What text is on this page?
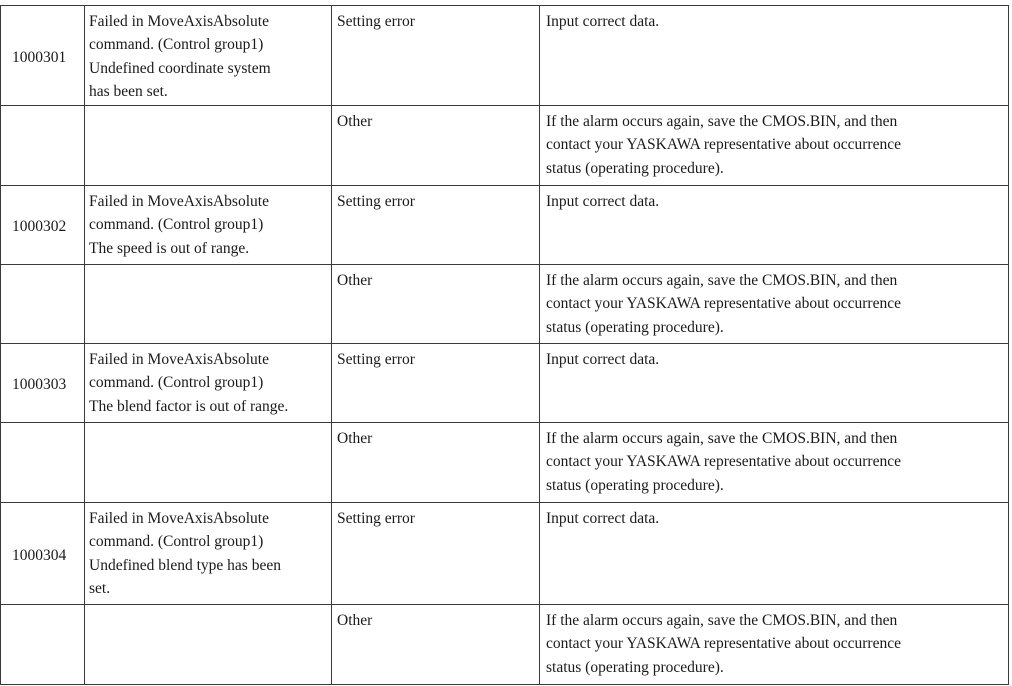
1000301	Failed in MoveAxisAbsolute
command. (Control group1)
Undefined coordinate system
has been set.	Setting error	Input correct data.

		Other	If the alarm occurs again, save the CMOS.BIN, and then
contact your YASKAWA representative about occurrence
status (operating procedure).

1000302	Failed in MoveAxisAbsolute
command. (Control group1)
The speed is out of range.	Setting error	Input correct data.

		Other	If the alarm occurs again, save the CMOS.BIN, and then
contact your YASKAWA representative about occurrence
status (operating procedure).

1000303	Failed in MoveAxisAbsolute
command. (Control group1)
The blend factor is out of range.	Setting error	Input correct data.

		Other	If the alarm occurs again, save the CMOS.BIN, and then
contact your YASKAWA representative about occurrence
status (operating procedure).

1000304	Failed in MoveAxisAbsolute
command. (Control group1)
Undefined blend type has been
set.	Setting error	Input correct data.

		Other	If the alarm occurs again, save the CMOS.BIN, and then
contact your YASKAWA representative about occurrence
status (operating procedure).
